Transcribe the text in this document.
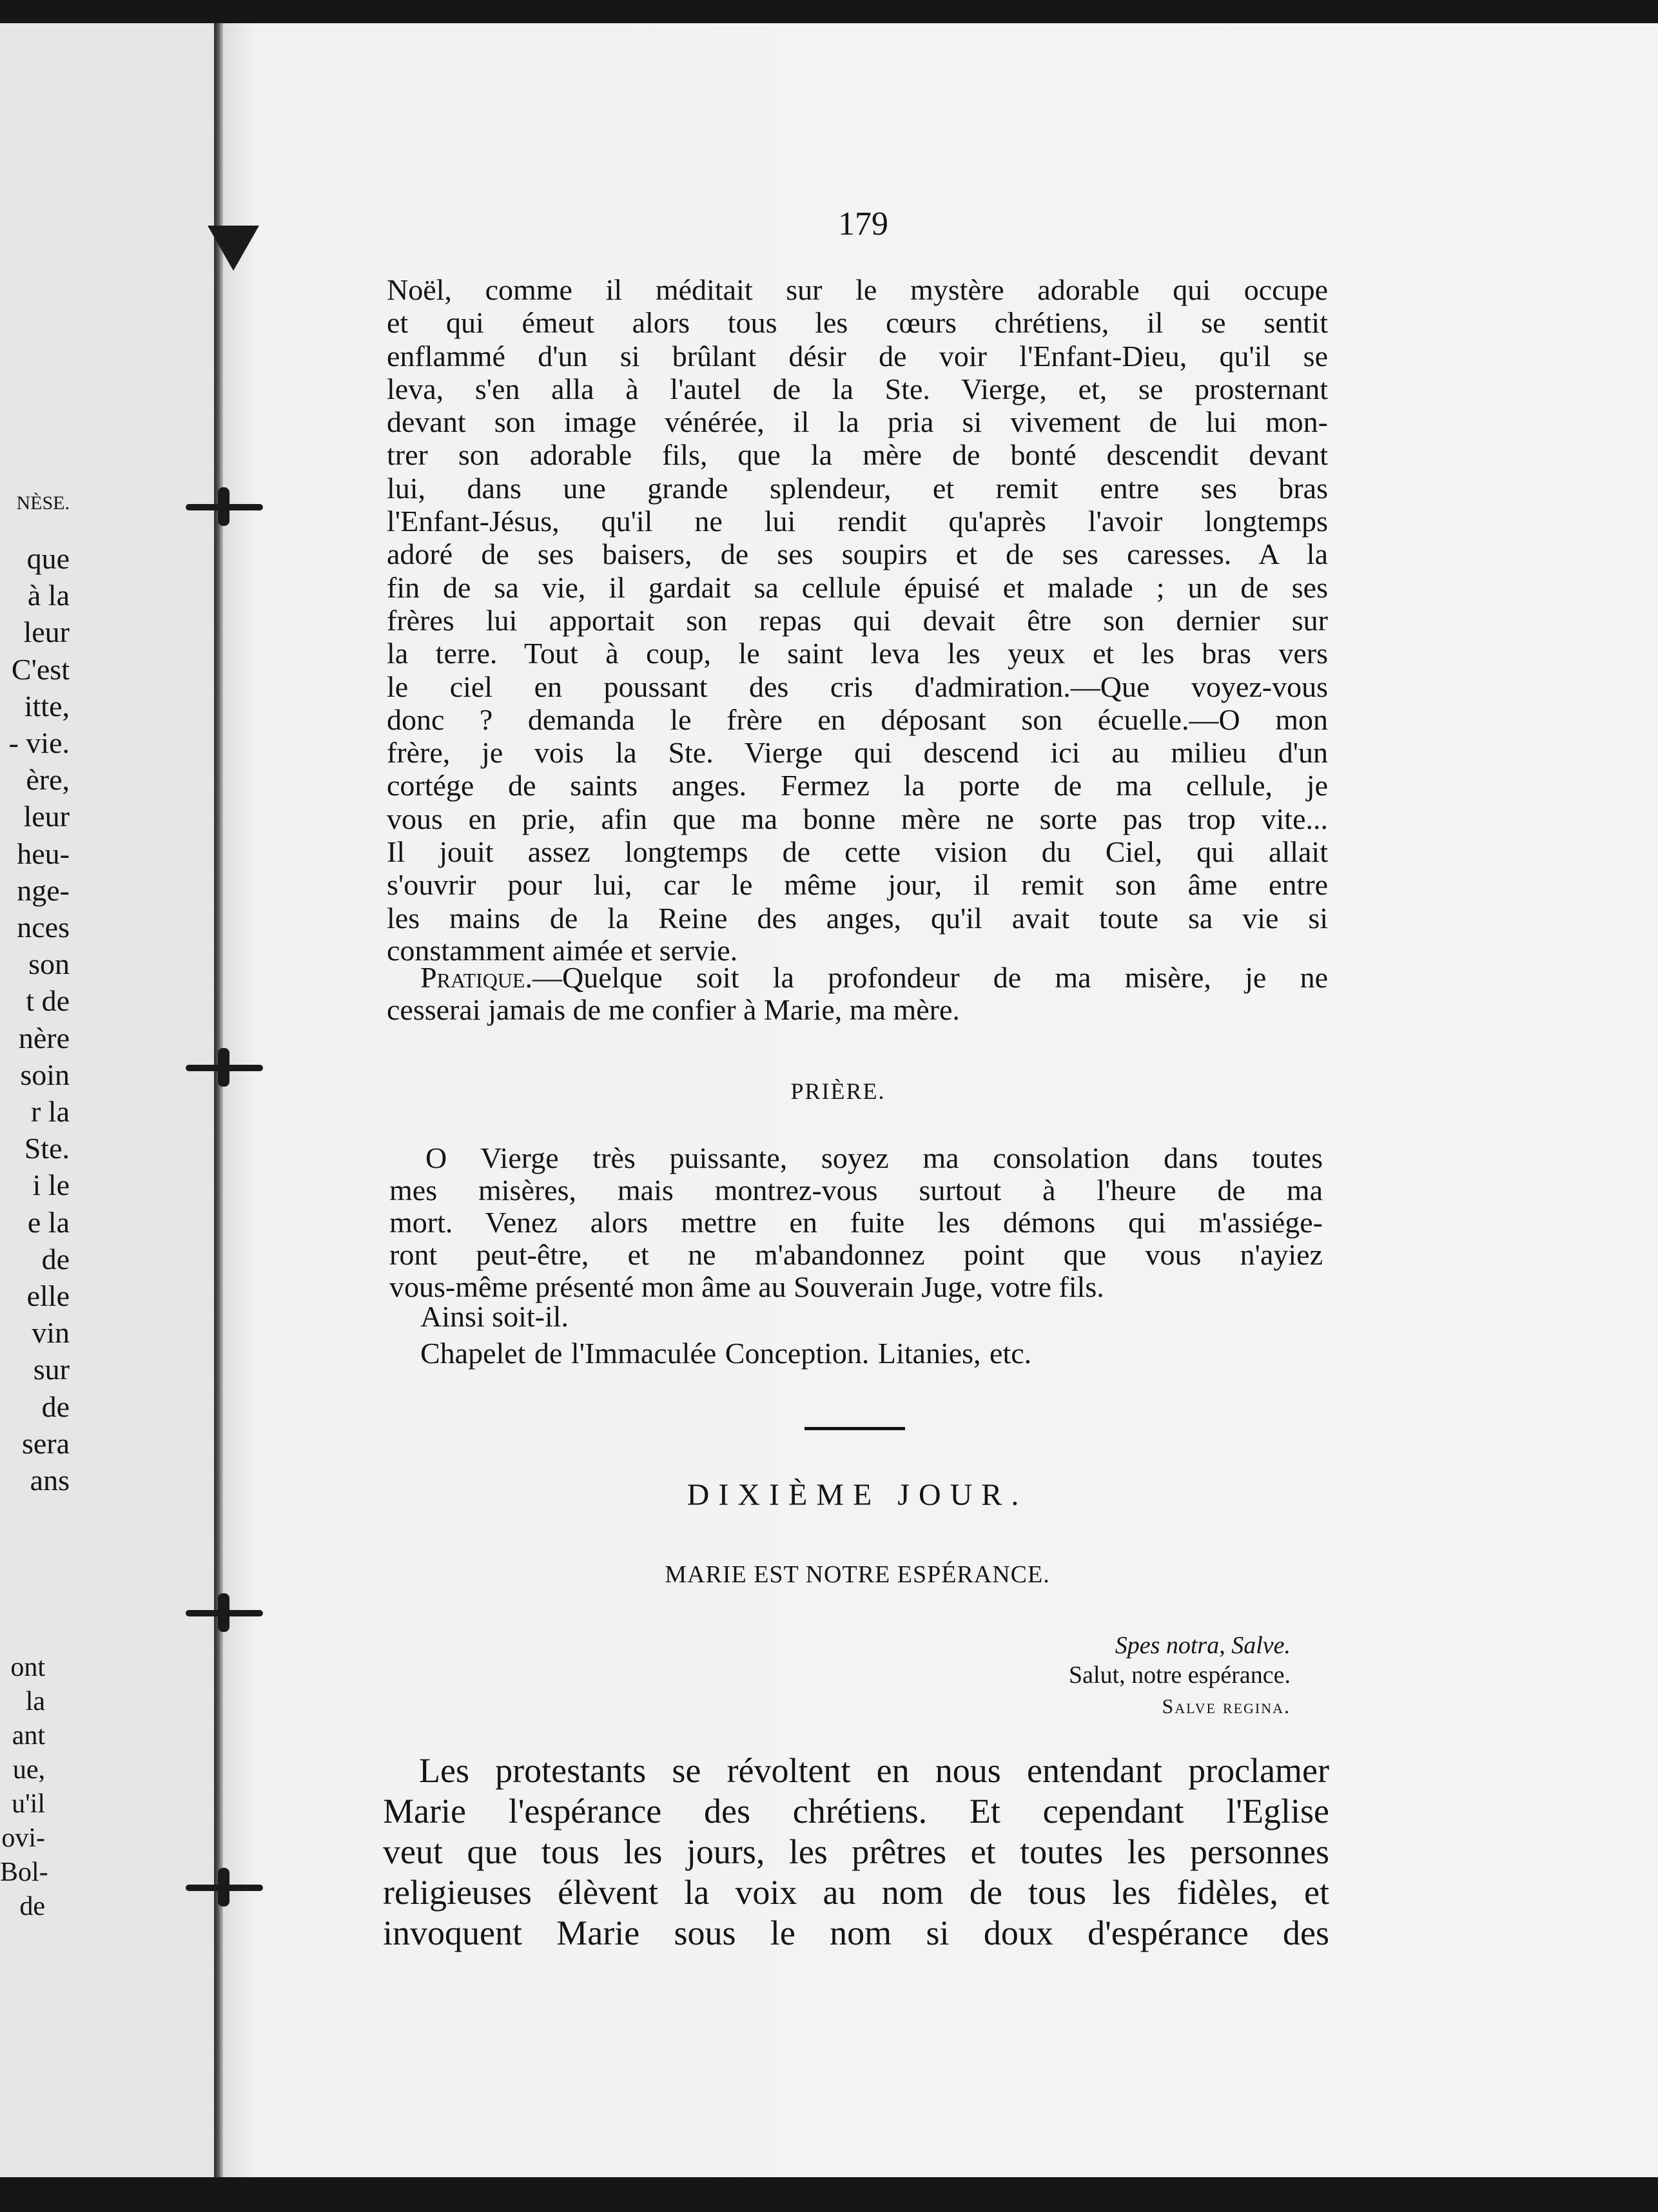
NÈSE.
que
à la
leur
C'est
itte,
- vie.
ère,
leur
heu-
nge-
nces
son
t de
nère
soin
r la
Ste.
i le
e la
de
elle
vin
sur
de
sera
ans
ont
la
ant
ue,
u'il
ovi-
Bol-
de
179
Noël, comme il méditait sur le mystère adorable qui occupe
et qui émeut alors tous les cœurs chrétiens, il se sentit
enflammé d'un si brûlant désir de voir l'Enfant-Dieu, qu'il se
leva, s'en alla à l'autel de la Ste. Vierge, et, se prosternant
devant son image vénérée, il la pria si vivement de lui mon-
trer son adorable fils, que la mère de bonté descendit devant
lui, dans une grande splendeur, et remit entre ses bras
l'Enfant-Jésus, qu'il ne lui rendit qu'après l'avoir longtemps
adoré de ses baisers, de ses soupirs et de ses caresses. A la
fin de sa vie, il gardait sa cellule épuisé et malade ; un de ses
frères lui apportait son repas qui devait être son dernier sur
la terre. Tout à coup, le saint leva les yeux et les bras vers
le ciel en poussant des cris d'admiration.—Que voyez-vous
donc ? demanda le frère en déposant son écuelle.—O mon
frère, je vois la Ste. Vierge qui descend ici au milieu d'un
cortége de saints anges. Fermez la porte de ma cellule, je
vous en prie, afin que ma bonne mère ne sorte pas trop vite...
Il jouit assez longtemps de cette vision du Ciel, qui allait
s'ouvrir pour lui, car le même jour, il remit son âme entre
les mains de la Reine des anges, qu'il avait toute sa vie si
constamment aimée et servie.
Pratique.—Quelque soit la profondeur de ma misère, je ne
cesserai jamais de me confier à Marie, ma mère.
PRIÈRE.
O Vierge très puissante, soyez ma consolation dans toutes
mes misères, mais montrez-vous surtout à l'heure de ma
mort. Venez alors mettre en fuite les démons qui m'assiége-
ront peut-être, et ne m'abandonnez point que vous n'ayiez
vous-même présenté mon âme au Souverain Juge, votre fils.
Ainsi soit-il.
Chapelet de l'Immaculée Conception. Litanies, etc.
DIXIÈME JOUR.
MARIE EST NOTRE ESPÉRANCE.
Spes notra, Salve.
Salut, notre espérance.
Salve regina.
Les protestants se révoltent en nous entendant proclamer
Marie l'espérance des chrétiens. Et cependant l'Eglise
veut que tous les jours, les prêtres et toutes les personnes
religieuses élèvent la voix au nom de tous les fidèles, et
invoquent Marie sous le nom si doux d'espérance des
